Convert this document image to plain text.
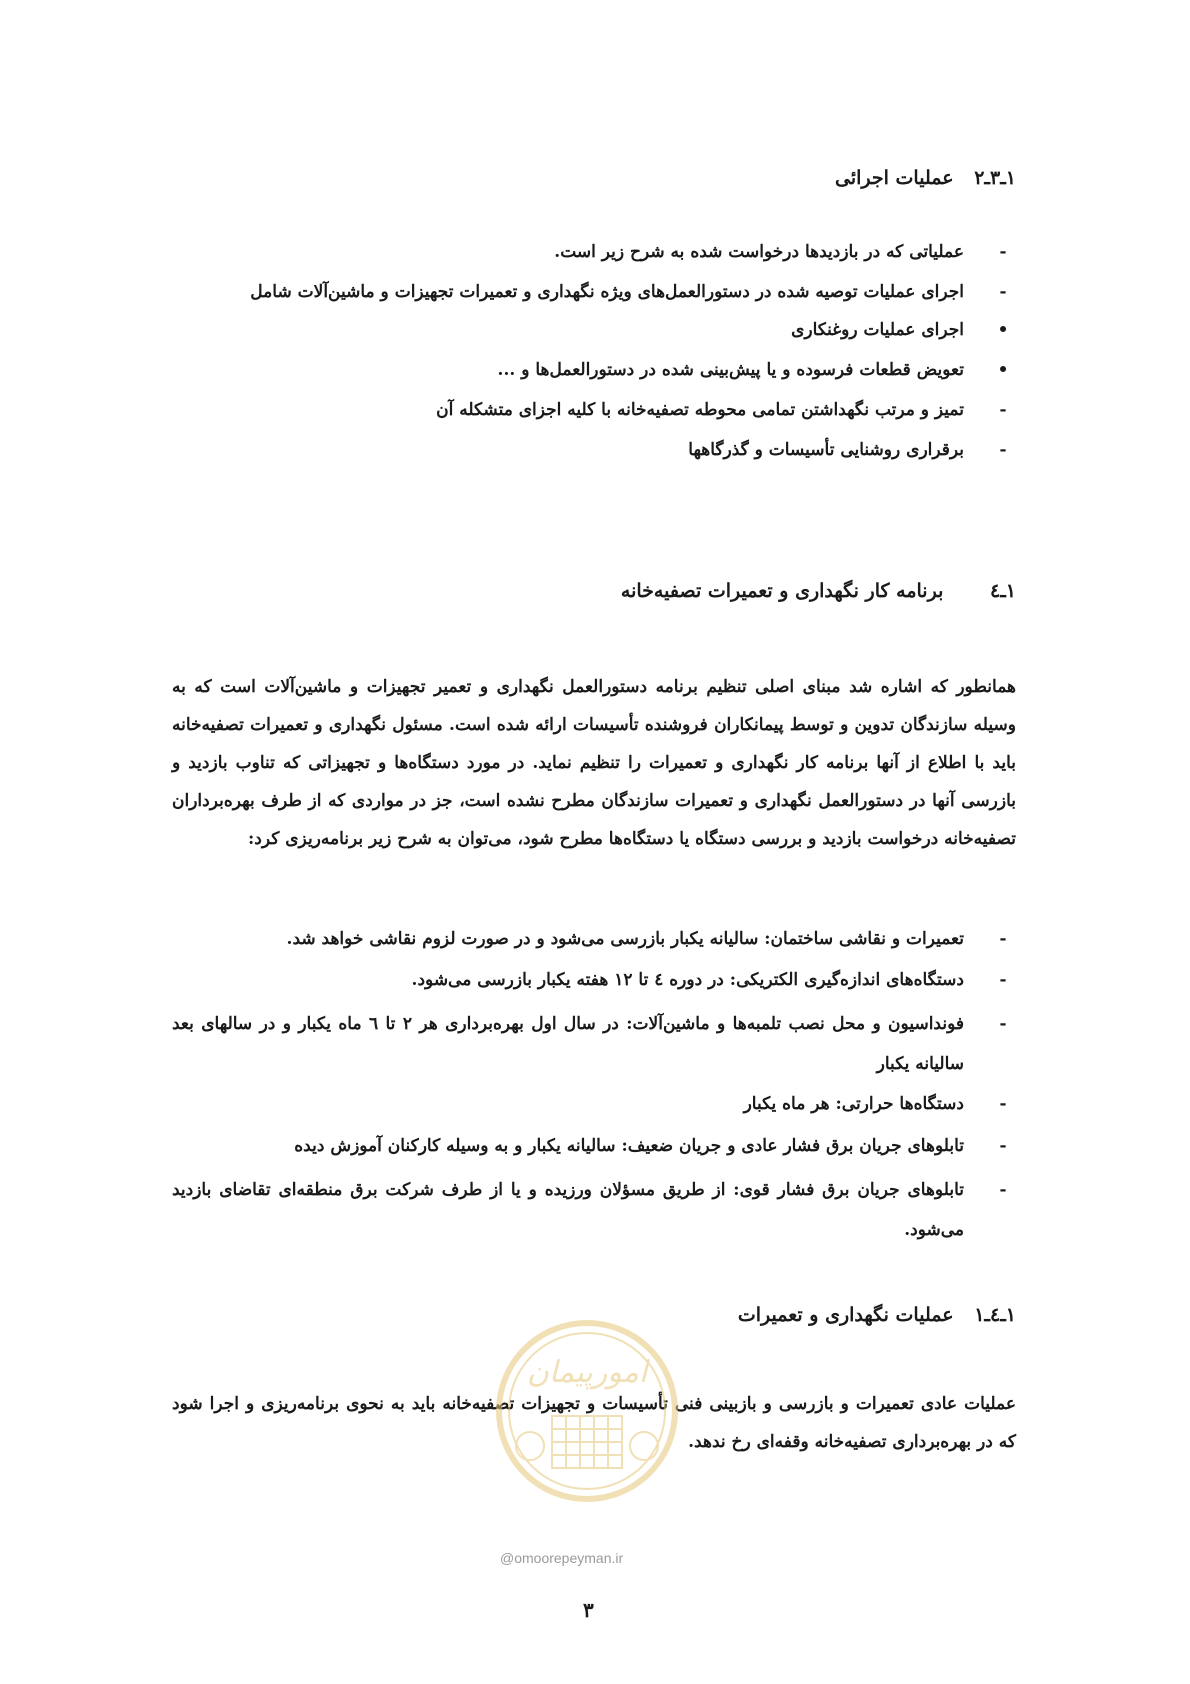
۱ـ۳ـ۲ عملیات اجرائی
-
عملیاتی که در بازدیدها درخواست شده به شرح زیر است.
-
اجرای عملیات توصیه شده در دستورالعمل‌های ویژه نگهداری و تعمیرات تجهیزات و ماشین‌آلات شامل
•
اجرای عملیات روغنکاری
•
تعویض قطعات فرسوده و یا پیش‌بینی شده در دستورالعمل‌ها و ...
-
تمیز و مرتب نگهداشتن تمامی محوطه تصفیه‌خانه با کلیه اجزای متشکله آن
-
برقراری روشنایی تأسیسات و گذرگاهها
۱ـ٤ برنامه کار نگهداری و تعمیرات تصفیه‌خانه
همانطور که اشاره شد مبنای اصلی تنظیم برنامه دستورالعمل نگهداری و تعمیر تجهیزات و ماشین‌آلات است که به وسیله سازندگان تدوین و توسط پیمانکاران فروشنده تأسیسات ارائه شده است. مسئول نگهداری و تعمیرات تصفیه‌خانه باید با اطلاع از آنها برنامه کار نگهداری و تعمیرات را تنظیم نماید. در مورد دستگاه‌ها و تجهیزاتی که تناوب بازدید و بازرسی آنها در دستورالعمل نگهداری و تعمیرات سازندگان مطرح نشده است، جز در مواردی که از طرف بهره‌برداران تصفیه‌خانه درخواست بازدید و بررسی دستگاه یا دستگاه‌ها مطرح شود، می‌توان به شرح زیر برنامه‌ریزی کرد:
-
تعمیرات و نقاشی ساختمان: سالیانه یکبار بازرسی می‌شود و در صورت لزوم نقاشی خواهد شد.
-
دستگاه‌های اندازه‌گیری الکتریکی: در دوره ٤ تا ۱۲ هفته یکبار بازرسی می‌شود.
-
فونداسیون و محل نصب تلمبه‌ها و ماشین‌آلات: در سال اول بهره‌برداری هر ۲ تا ٦ ماه یکبار و در سالهای بعد سالیانه یکبار
-
دستگاه‌ها حرارتی: هر ماه یکبار
-
تابلوهای جریان برق فشار عادی و جریان ضعیف: سالیانه یکبار و به وسیله کارکنان آموزش دیده
-
تابلوهای جریان برق فشار قوی: از طریق مسؤلان ورزیده و یا از طرف شرکت برق منطقه‌ای تقاضای بازدید می‌شود.
۱ـ٤ـ۱ عملیات نگهداری و تعمیرات
عملیات عادی تعمیرات و بازرسی و بازبینی فنی تأسیسات و تجهیزات تصفیه‌خانه باید به نحوی برنامه‌ریزی و اجرا شود که در بهره‌برداری تصفیه‌خانه وقفه‌ای رخ ندهد.
امورپیمان
@omoorepeyman.ir
۳
